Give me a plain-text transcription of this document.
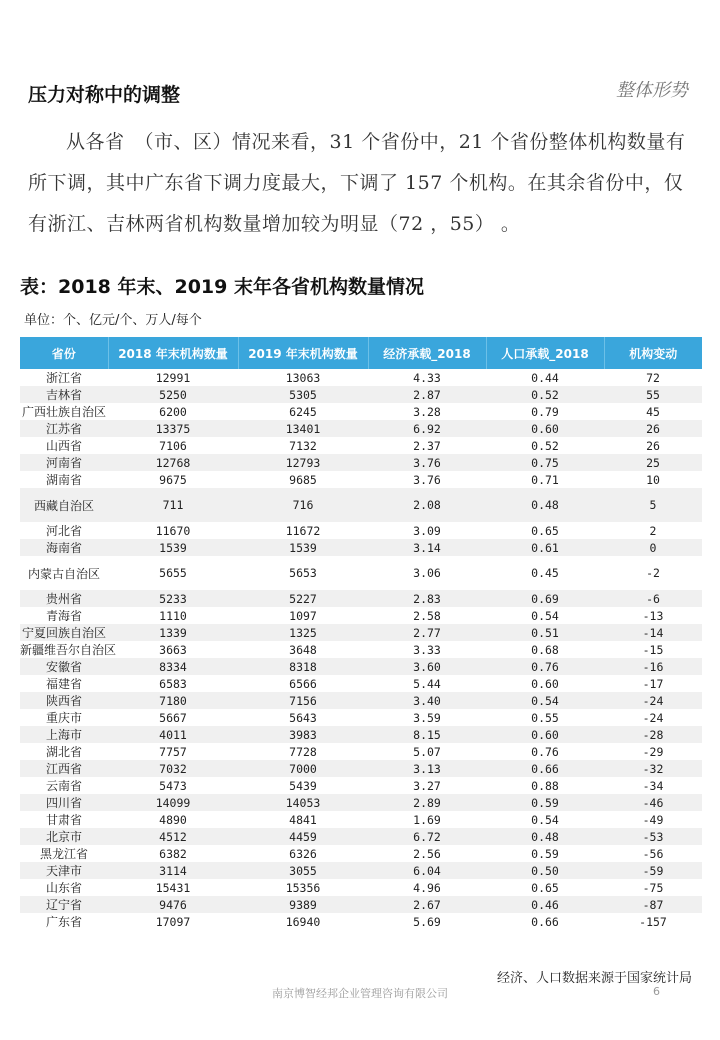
压力对称中的调整	整体形势
从各省　（市、区）情况来看，31 个省份中，21 个省份整体机构数量有所下调，其中广东省下调力度最大，下调了 157 个机构。在其余省份中，仅有浙江、吉林两省机构数量增加较为明显（72 ，55） 。
表：2018 年末、2019 末年各省机构数量情况
单位：个、亿元/个、万人/每个
省份	2018 年末机构数量	2019 年末机构数量	经济承载_2018	人口承载_2018	机构变动
浙江省	12991	13063	4.33	0.44	72
吉林省	5250	5305	2.87	0.52	55
广西壮族自治区	6200	6245	3.28	0.79	45
江苏省	13375	13401	6.92	0.60	26
山西省	7106	7132	2.37	0.52	26
河南省	12768	12793	3.76	0.75	25
湖南省	9675	9685	3.76	0.71	10
西藏自治区	711	716	2.08	0.48	5
河北省	11670	11672	3.09	0.65	2
海南省	1539	1539	3.14	0.61	0
内蒙古自治区	5655	5653	3.06	0.45	-2
贵州省	5233	5227	2.83	0.69	-6
青海省	1110	1097	2.58	0.54	-13
宁夏回族自治区	1339	1325	2.77	0.51	-14
新疆维吾尔自治区	3663	3648	3.33	0.68	-15
安徽省	8334	8318	3.60	0.76	-16
福建省	6583	6566	5.44	0.60	-17
陕西省	7180	7156	3.40	0.54	-24
重庆市	5667	5643	3.59	0.55	-24
上海市	4011	3983	8.15	0.60	-28
湖北省	7757	7728	5.07	0.76	-29
江西省	7032	7000	3.13	0.66	-32
云南省	5473	5439	3.27	0.88	-34
四川省	14099	14053	2.89	0.59	-46
甘肃省	4890	4841	1.69	0.54	-49
北京市	4512	4459	6.72	0.48	-53
黑龙江省	6382	6326	2.56	0.59	-56
天津市	3114	3055	6.04	0.50	-59
山东省	15431	15356	4.96	0.65	-75
辽宁省	9476	9389	2.67	0.46	-87
广东省	17097	16940	5.69	0.66	-157
经济、人口数据来源于国家统计局
南京博智经邦企业管理咨询有限公司	6
